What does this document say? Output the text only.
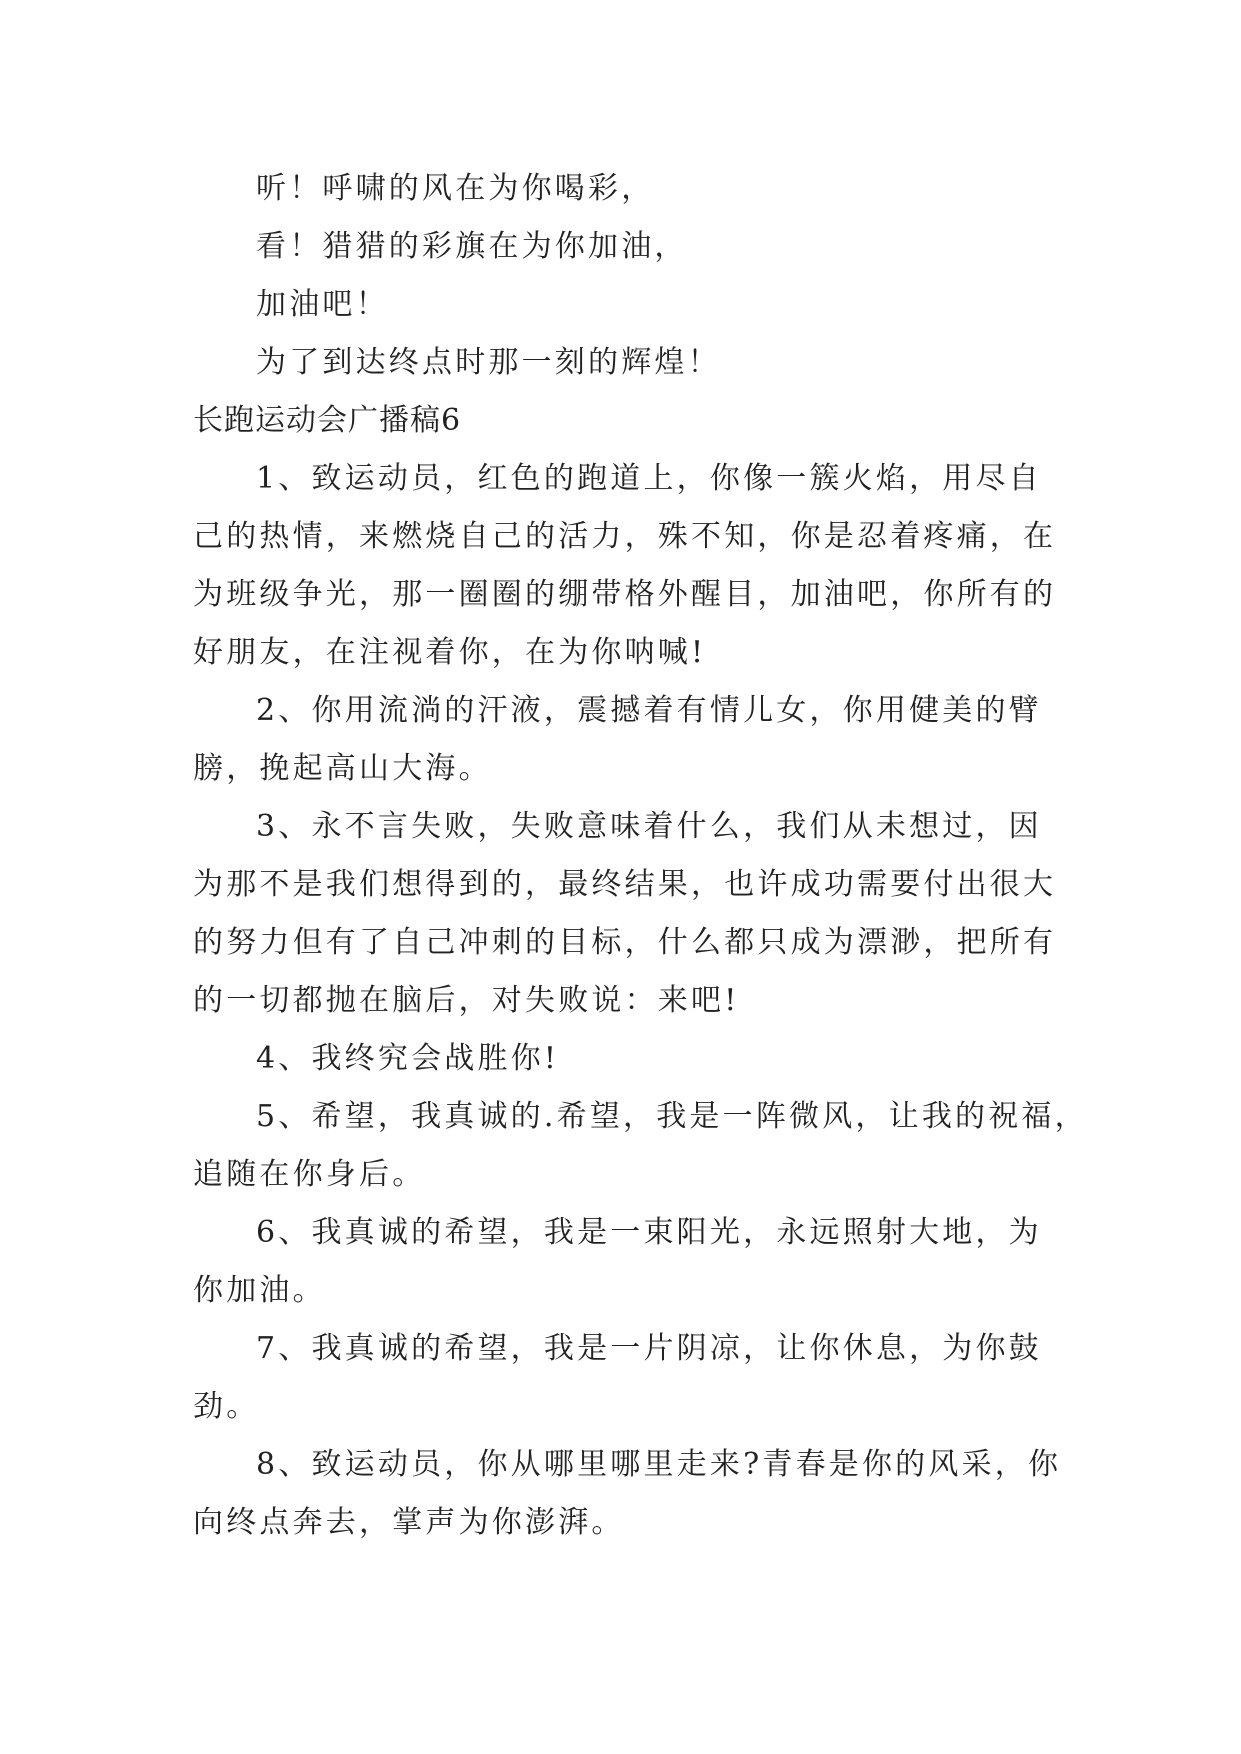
听！呼啸的风在为你喝彩，

看！猎猎的彩旗在为你加油，

加油吧！

为了到达终点时那一刻的辉煌！

长跑运动会广播稿6

1、致运动员，红色的跑道上，你像一簇火焰，用尽自

己的热情，来燃烧自己的活力，殊不知，你是忍着疼痛，在

为班级争光，那一圈圈的绷带格外醒目，加油吧，你所有的

好朋友，在注视着你，在为你呐喊!

2、你用流淌的汗液，震撼着有情儿女，你用健美的臂

膀，挽起高山大海。

3、永不言失败，失败意味着什么，我们从未想过，因

为那不是我们想得到的，最终结果，也许成功需要付出很大

的努力但有了自己冲刺的目标，什么都只成为漂渺，把所有

的一切都抛在脑后，对失败说：来吧!

4、我终究会战胜你!

5、希望，我真诚的.希望，我是一阵微风，让我的祝福，

追随在你身后。

6、我真诚的希望，我是一束阳光，永远照射大地，为

你加油。

7、我真诚的希望，我是一片阴凉，让你休息，为你鼓

劲。

8、致运动员，你从哪里哪里走来?青春是你的风采，你

向终点奔去，掌声为你澎湃。
